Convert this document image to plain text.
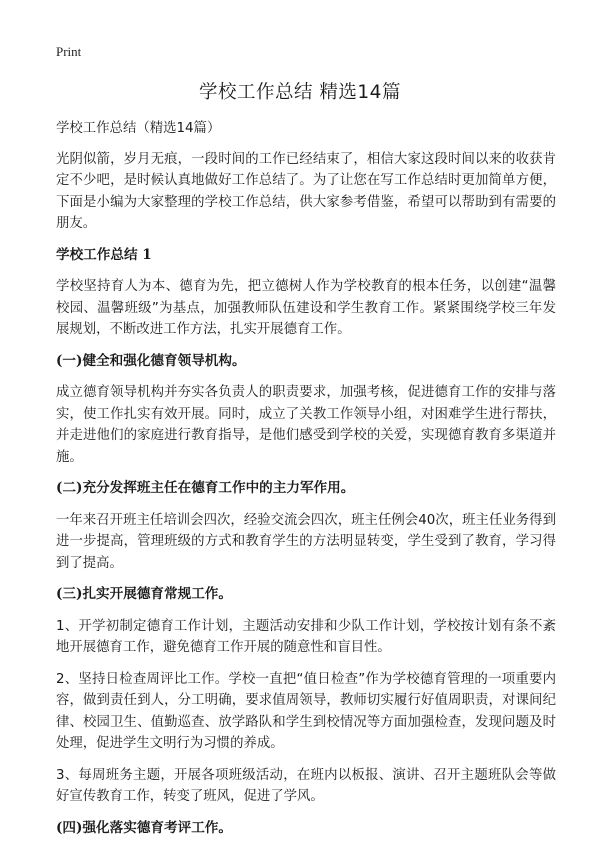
Print
学校工作总结 精选14篇

学校工作总结（精选14篇）

光阴似箭，岁月无痕，一段时间的工作已经结束了，相信大家这段时间以来的收获肯定不少吧，是时候认真地做好工作总结了。为了让您在写工作总结时更加简单方便，下面是小编为大家整理的学校工作总结，供大家参考借鉴，希望可以帮助到有需要的朋友。

学校工作总结 1

学校坚持育人为本、德育为先，把立德树人作为学校教育的根本任务，以创建“温馨校园、温馨班级”为基点，加强教师队伍建设和学生教育工作。紧紧围绕学校三年发展规划，不断改进工作方法，扎实开展德育工作。

(一)健全和强化德育领导机构。

成立德育领导机构并夯实各负责人的职责要求，加强考核，促进德育工作的安排与落实，使工作扎实有效开展。同时，成立了关教工作领导小组，对困难学生进行帮扶，并走进他们的家庭进行教育指导，是他们感受到学校的关爱，实现德育教育多渠道并施。

(二)充分发挥班主任在德育工作中的主力军作用。

一年来召开班主任培训会四次，经验交流会四次，班主任例会40次，班主任业务得到进一步提高，管理班级的方式和教育学生的方法明显转变，学生受到了教育，学习得到了提高。

(三)扎实开展德育常规工作。

1、开学初制定德育工作计划，主题活动安排和少队工作计划，学校按计划有条不紊地开展德育工作，避免德育工作开展的随意性和盲目性。

2、坚持日检查周评比工作。学校一直把“值日检查”作为学校德育管理的一项重要内容，做到责任到人，分工明确，要求值周领导，教师切实履行好值周职责，对课间纪律、校园卫生、值勤巡查、放学路队和学生到校情况等方面加强检查，发现问题及时处理，促进学生文明行为习惯的养成。

3、每周班务主题，开展各项班级活动，在班内以板报、演讲、召开主题班队会等做好宣传教育工作，转变了班风，促进了学风。

(四)强化落实德育考评工作。
